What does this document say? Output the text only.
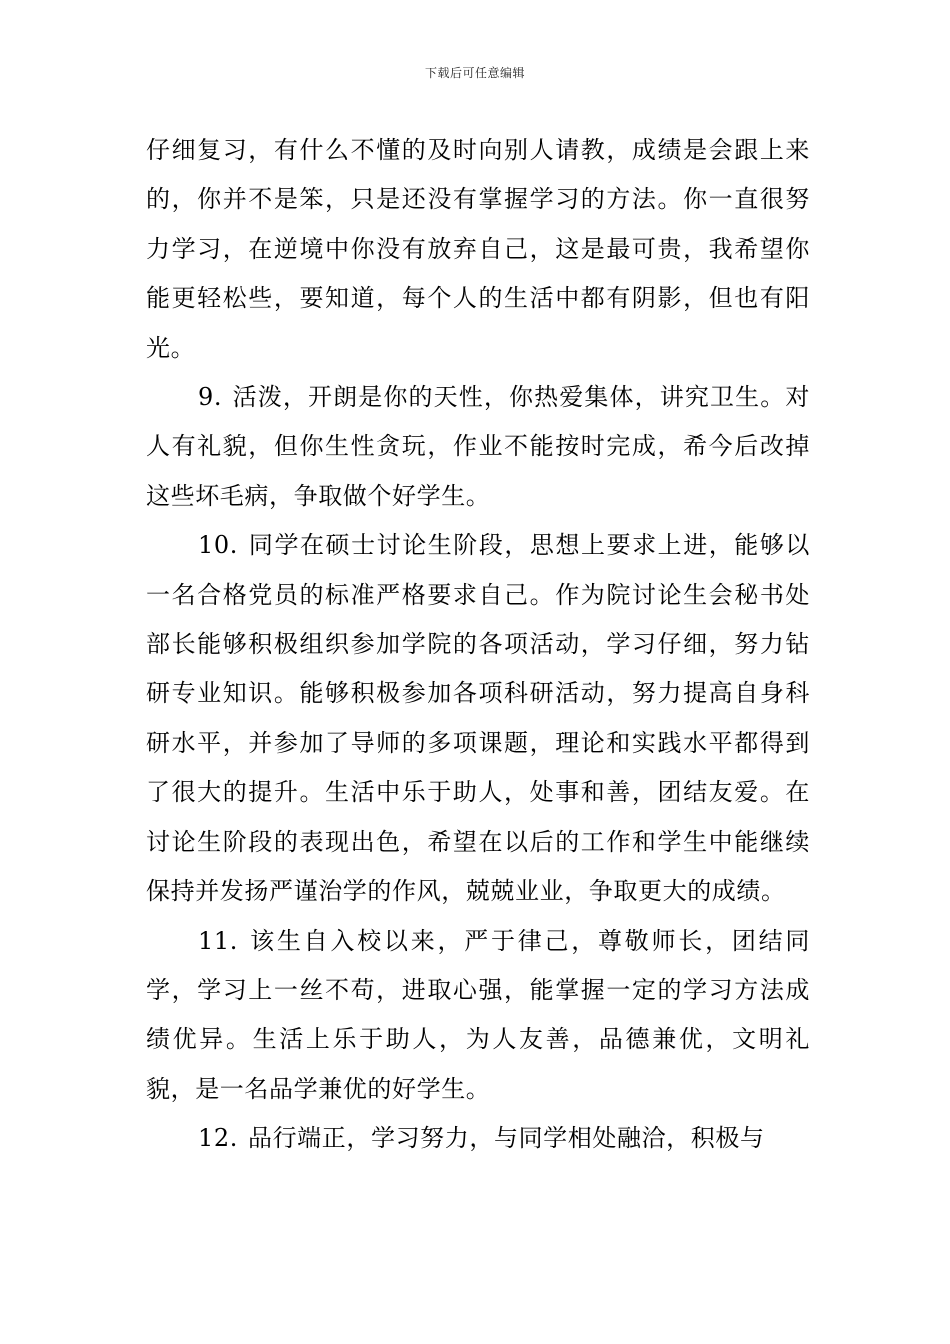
下载后可任意编辑

仔细复习，有什么不懂的及时向别人请教，成绩是会跟上来的，你并不是笨，只是还没有掌握学习的方法。你一直很努力学习，在逆境中你没有放弃自己，这是最可贵，我希望你能更轻松些，要知道，每个人的生活中都有阴影，但也有阳光。

9. 活泼，开朗是你的天性，你热爱集体，讲究卫生。对人有礼貌，但你生性贪玩，作业不能按时完成，希今后改掉这些坏毛病，争取做个好学生。

10. 同学在硕士讨论生阶段，思想上要求上进，能够以一名合格党员的标准严格要求自己。作为院讨论生会秘书处部长能够积极组织参加学院的各项活动，学习仔细，努力钻研专业知识。能够积极参加各项科研活动，努力提高自身科研水平，并参加了导师的多项课题，理论和实践水平都得到了很大的提升。生活中乐于助人，处事和善，团结友爱。在讨论生阶段的表现出色，希望在以后的工作和学生中能继续保持并发扬严谨治学的作风，兢兢业业，争取更大的成绩。

11. 该生自入校以来，严于律己，尊敬师长，团结同学，学习上一丝不苟，进取心强，能掌握一定的学习方法成绩优异。生活上乐于助人，为人友善，品德兼优，文明礼貌，是一名品学兼优的好学生。

12. 品行端正，学习努力，与同学相处融洽，积极与
